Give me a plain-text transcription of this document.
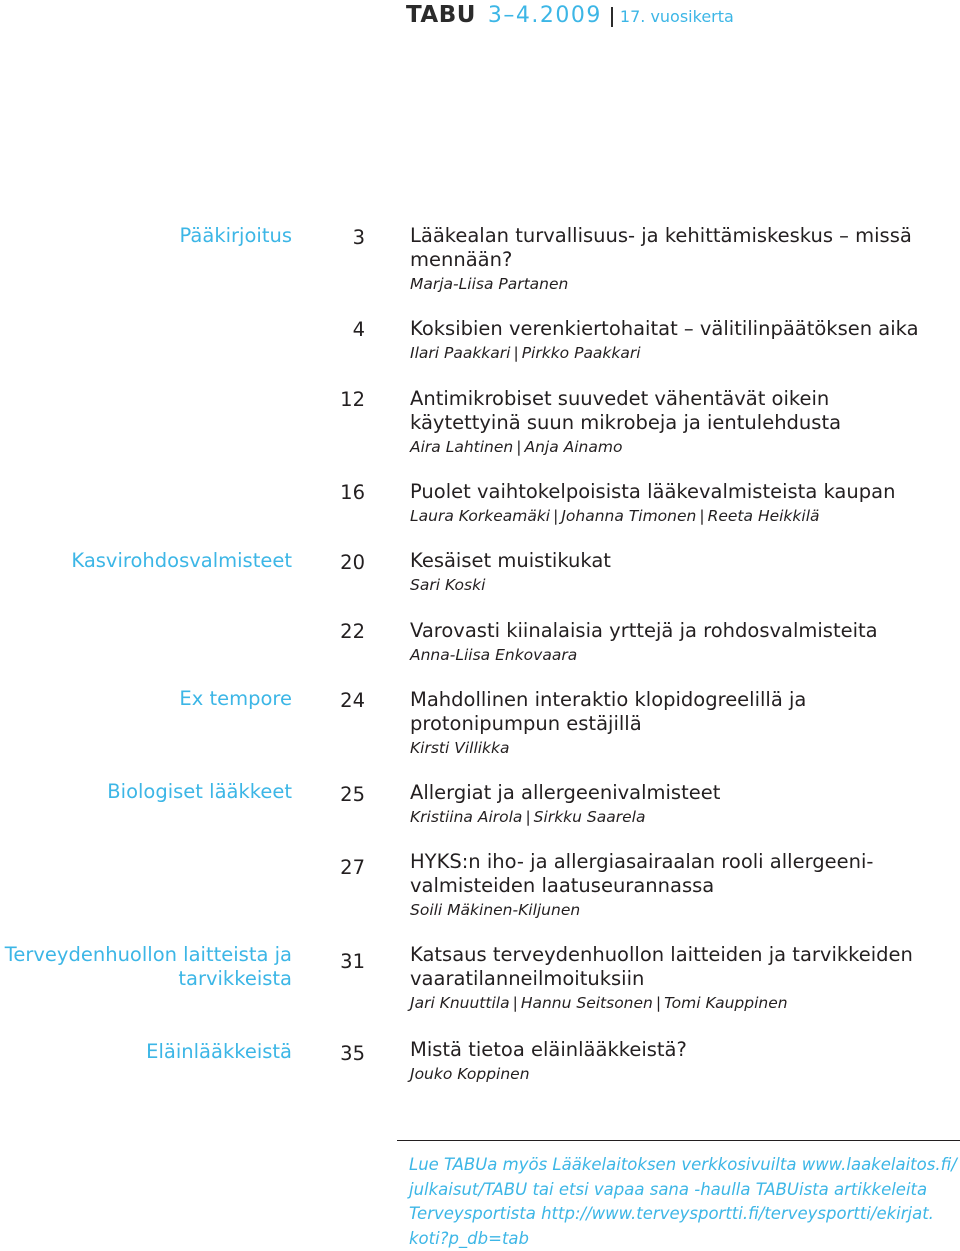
TABU 3–4.2009 17. vuosikerta
Pääkirjoitus
Kasvirohdosvalmisteet
Ex tempore
Biologiset lääkkeet
Terveydenhuollon laitteista ja tarvikkeista
Eläinlääkkeistä
3 Lääkealan turvallisuus- ja kehittämiskeskus – missä mennään?
Marja-Liisa Partanen
4 Koksibien verenkiertohaitat – välitilinpäätöksen aika
Ilari Paakkari | Pirkko Paakkari
12 Antimikrobiset suuvedet vähentävät oikein käytettyinä suun mikrobeja ja ientulehdusta
Aira Lahtinen | Anja Ainamo
16 Puolet vaihtokelpoisista lääkevalmisteista kaupan
Laura Korkeamäki | Johanna Timonen | Reeta Heikkilä
20 Kesäiset muistikukat
Sari Koski
22 Varovasti kiinalaisia yrttejä ja rohdosvalmisteita
Anna-Liisa Enkovaara
24 Mahdollinen interaktio klopidogreelillä ja protonipumpun estäjillä
Kirsti Villikka
25 Allergiat ja allergeenivalmisteet
Kristiina Airola | Sirkku Saarela
27 HYKS:n iho- ja allergiasairaalan rooli allergeeni-valmisteiden laatuseurannassa
Soili Mäkinen-Kiljunen
31 Katsaus terveydenhuollon laitteiden ja tarvikkeiden vaaratilanneilmoituksiin
Jari Knuuttila | Hannu Seitsonen | Tomi Kauppinen
35 Mistä tietoa eläinlääkkeistä?
Jouko Koppinen
Lue TABUa myös Lääkelaitoksen verkkosivuilta www.laakelaitos.fi/
julkaisut/TABU tai etsi vapaa sana -haulla TABUista artikkeleita
Terveysportista http://www.terveysportti.fi/terveysportti/ekirjat.
koti?p_db=tab
